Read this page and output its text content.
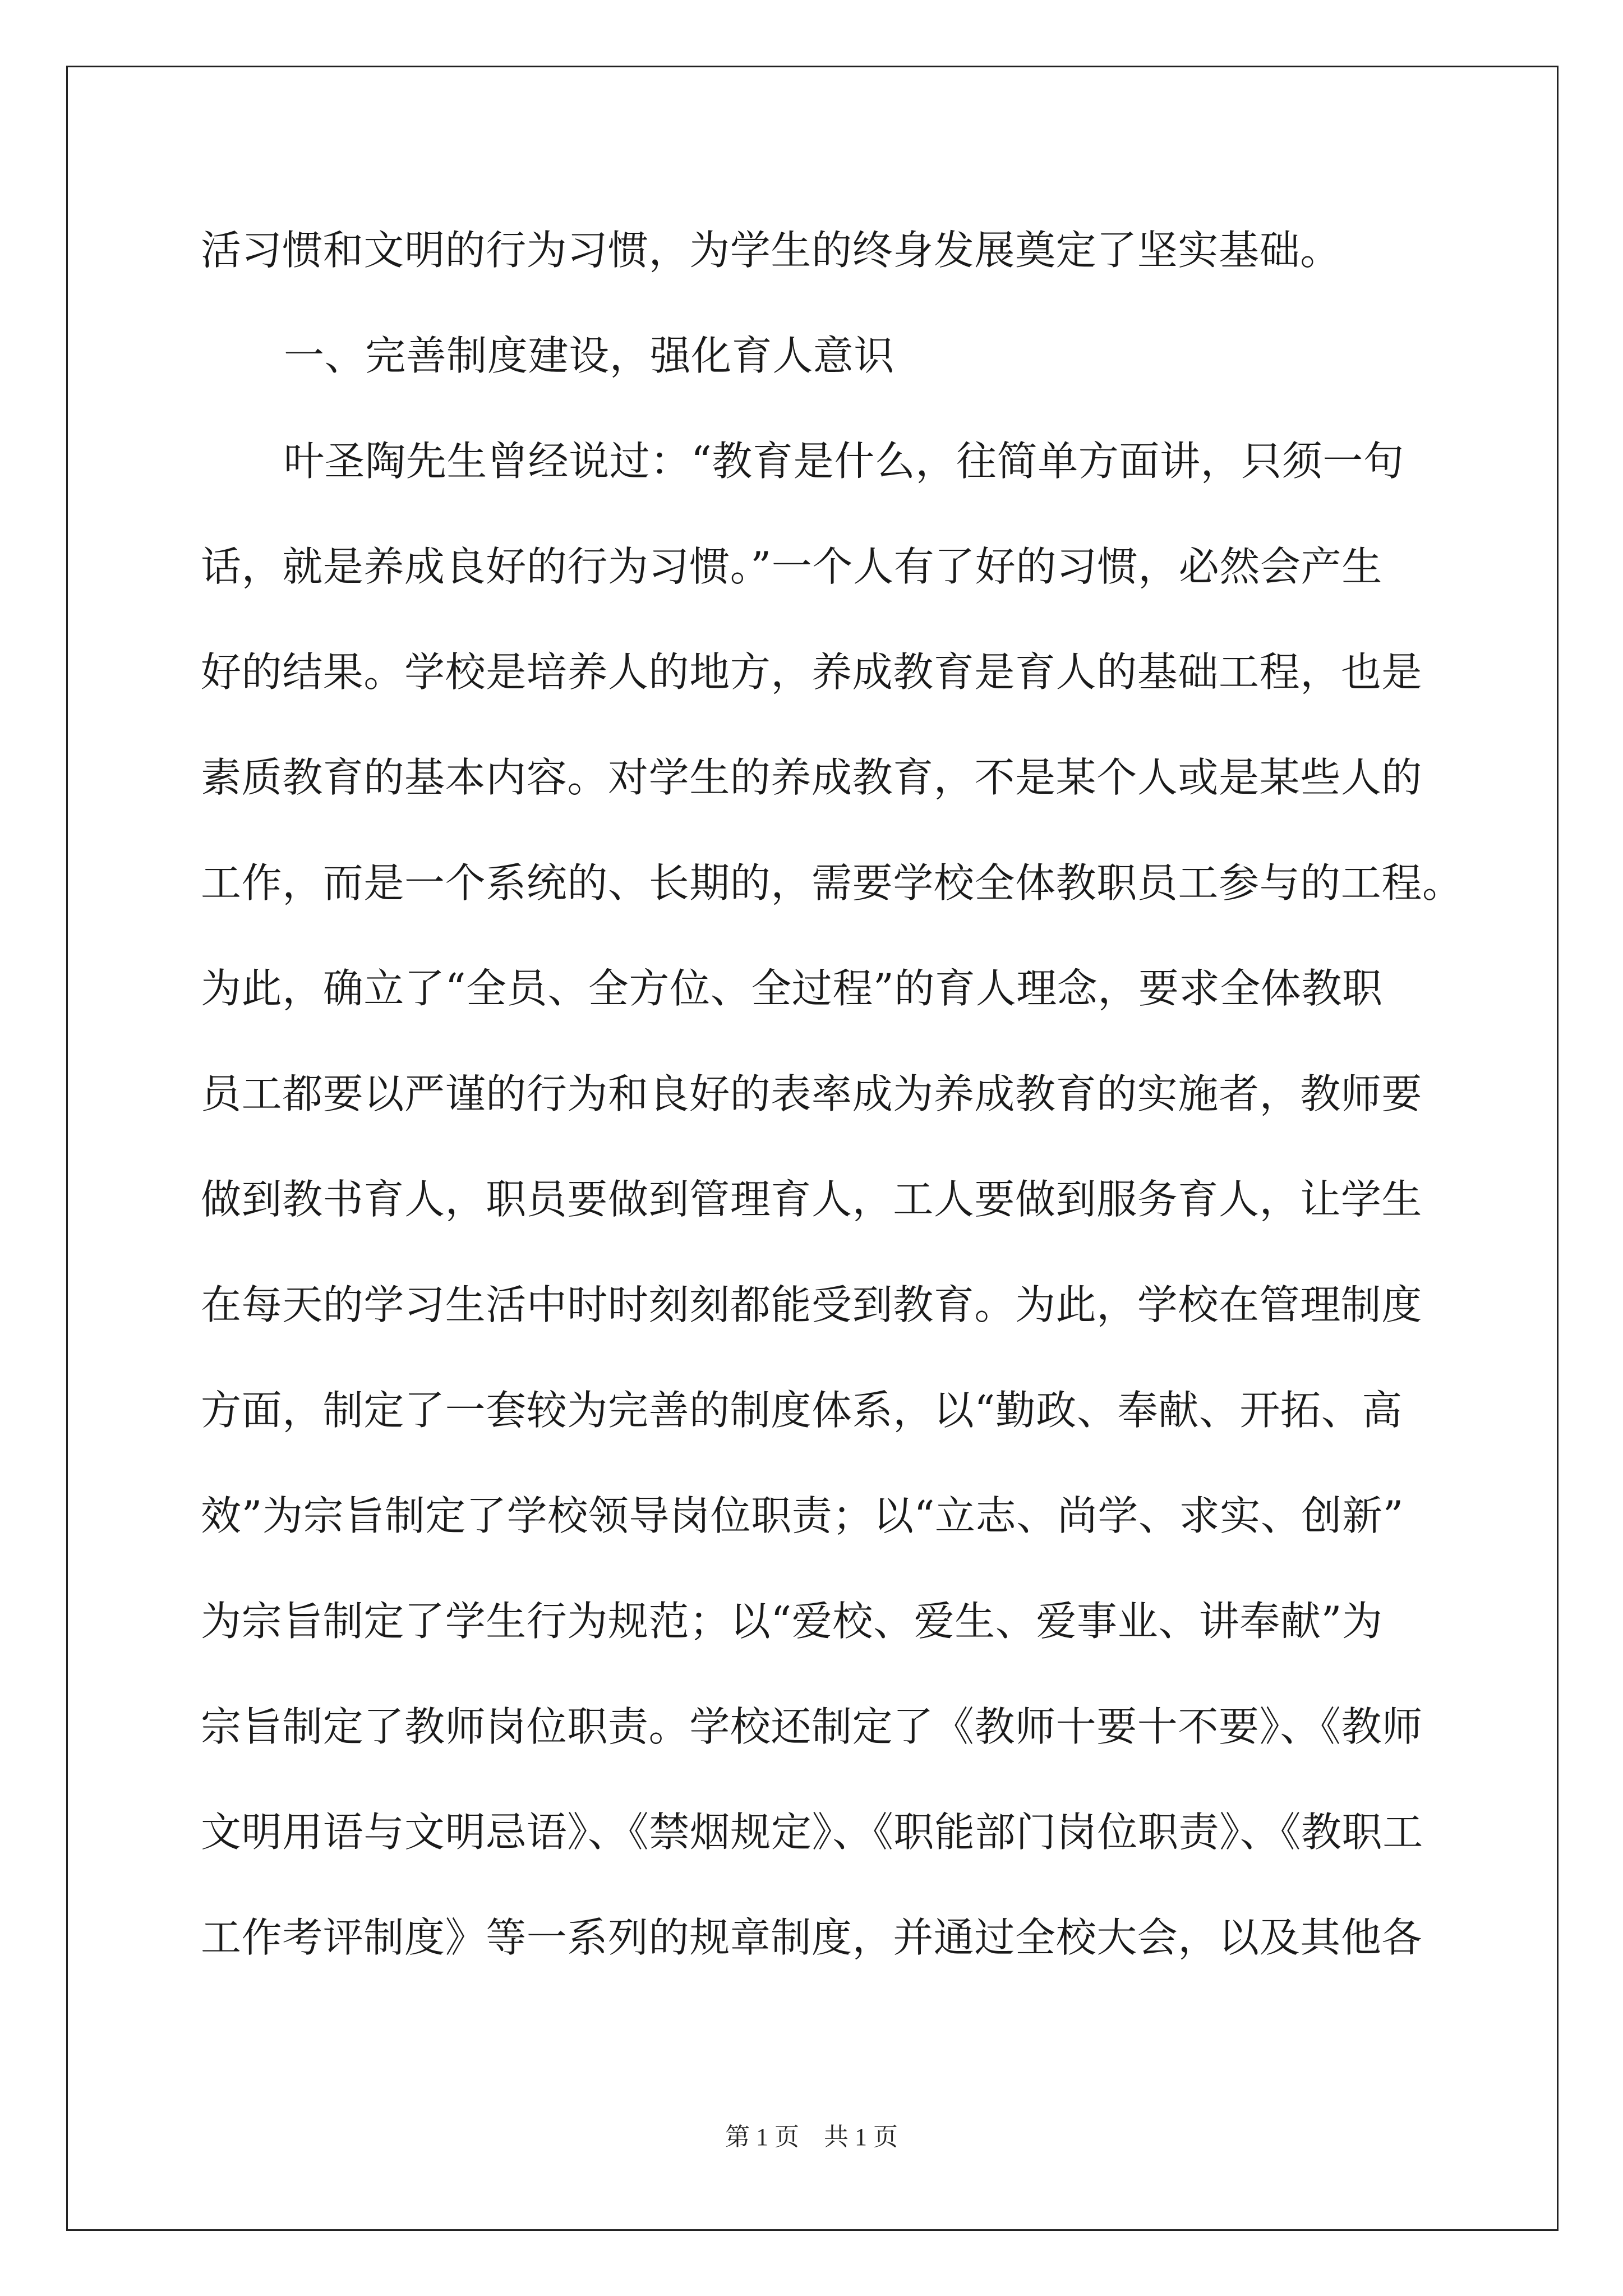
活习惯和文明的行为习惯，为学生的终身发展奠定了坚实基础。
一、完善制度建设，强化育人意识
叶圣陶先生曾经说过：“教育是什么，往简单方面讲，只须一句
话，就是养成良好的行为习惯。”一个人有了好的习惯，必然会产生
好的结果。学校是培养人的地方，养成教育是育人的基础工程，也是
素质教育的基本内容。对学生的养成教育，不是某个人或是某些人的
工作，而是一个系统的、长期的，需要学校全体教职员工参与的工程。
为此，确立了“全员、全方位、全过程”的育人理念，要求全体教职
员工都要以严谨的行为和良好的表率成为养成教育的实施者，教师要
做到教书育人，职员要做到管理育人，工人要做到服务育人，让学生
在每天的学习生活中时时刻刻都能受到教育。为此，学校在管理制度
方面，制定了一套较为完善的制度体系，以“勤政、奉献、开拓、高
效”为宗旨制定了学校领导岗位职责；以“立志、尚学、求实、创新”
为宗旨制定了学生行为规范；以“爱校、爱生、爱事业、讲奉献”为
宗旨制定了教师岗位职责。学校还制定了《教师十要十不要》、《教师
文明用语与文明忌语》、《禁烟规定》、《职能部门岗位职责》、《教职工
工作考评制度》等一系列的规章制度，并通过全校大会，以及其他各
第 1 页　共 1 页
